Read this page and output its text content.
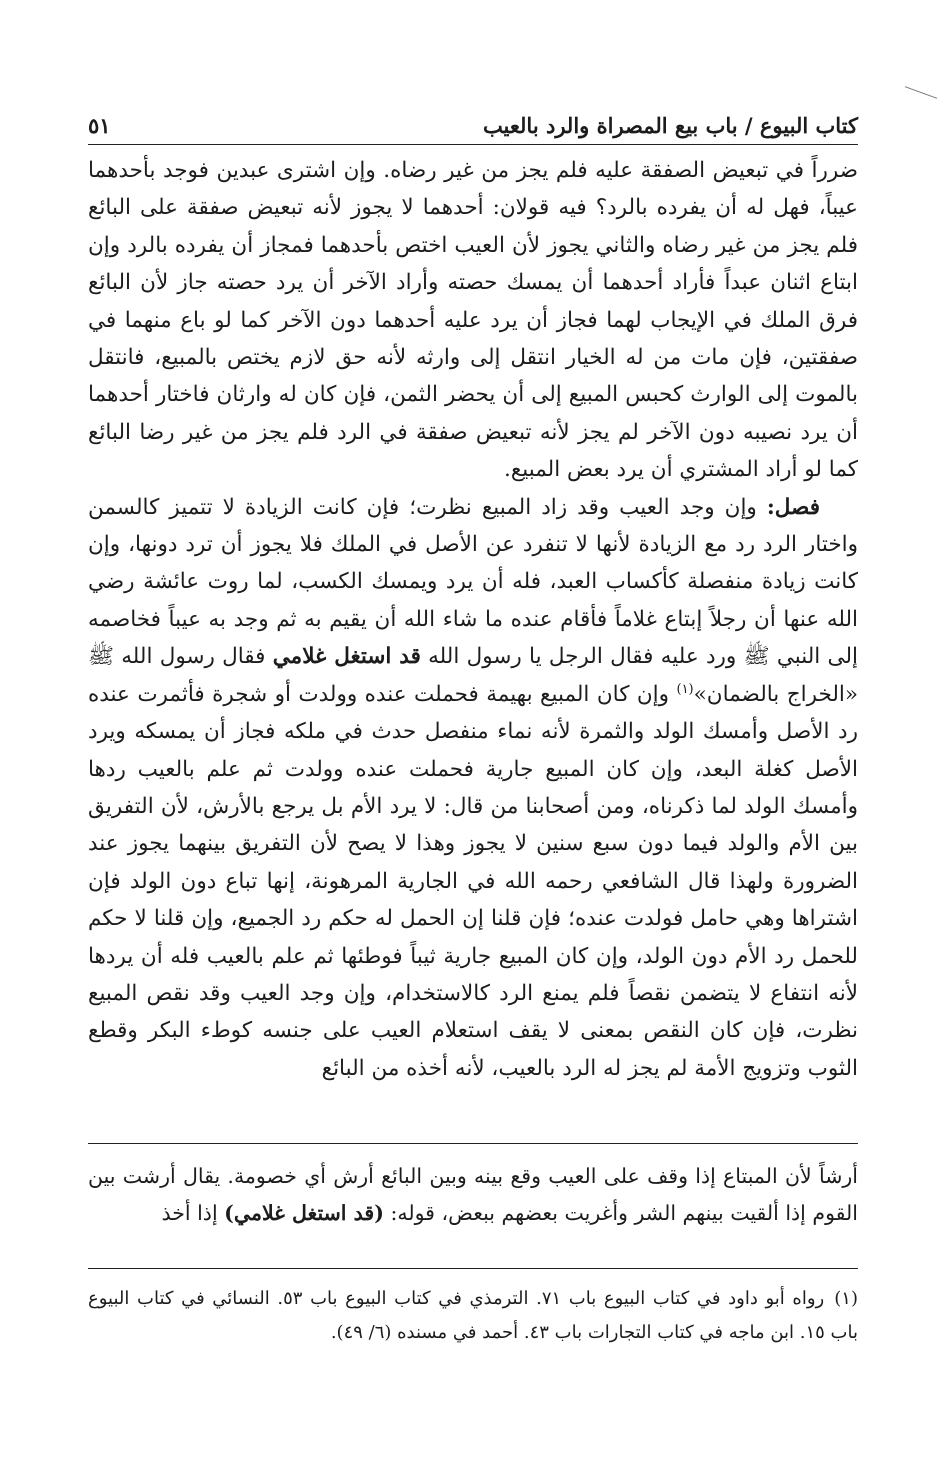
كتاب البيوع / باب بيع المصراة والرد بالعيب
٥١

ضرراً في تبعيض الصفقة عليه فلم يجز من غير رضاه. وإن اشترى عبدين فوجد بأحدهما عيباً، فهل له أن يفرده بالرد؟ فيه قولان: أحدهما لا يجوز لأنه تبعيض صفقة على البائع فلم يجز من غير رضاه والثاني يجوز لأن العيب اختص بأحدهما فمجاز أن يفرده بالرد وإن ابتاع اثنان عبداً فأراد أحدهما أن يمسك حصته وأراد الآخر أن يرد حصته جاز لأن البائع فرق الملك في الإيجاب لهما فجاز أن يرد عليه أحدهما دون الآخر كما لو باع منهما في صفقتين، فإن مات من له الخيار انتقل إلى وارثه لأنه حق لازم يختص بالمبيع، فانتقل بالموت إلى الوارث كحبس المبيع إلى أن يحضر الثمن، فإن كان له وارثان فاختار أحدهما أن يرد نصيبه دون الآخر لم يجز لأنه تبعيض صفقة في الرد فلم يجز من غير رضا البائع كما لو أراد المشتري أن يرد بعض المبيع.

فصل: وإن وجد العيب وقد زاد المبيع نظرت؛ فإن كانت الزيادة لا تتميز كالسمن واختار الرد رد مع الزيادة لأنها لا تنفرد عن الأصل في الملك فلا يجوز أن ترد دونها، وإن كانت زيادة منفصلة كأكساب العبد، فله أن يرد ويمسك الكسب، لما روت عائشة رضي الله عنها أن رجلاً إبتاع غلاماً فأقام عنده ما شاء الله أن يقيم به ثم وجد به عيباً فخاصمه إلى النبي ﷺ ورد عليه فقال الرجل يا رسول الله قد استغل غلامي فقال رسول الله ﷺ «الخراج بالضمان»$^{(١)}$ وإن كان المبيع بهيمة فحملت عنده وولدت أو شجرة فأثمرت عنده رد الأصل وأمسك الولد والثمرة لأنه نماء منفصل حدث في ملكه فجاز أن يمسكه ويرد الأصل كغلة البعد، وإن كان المبيع جارية فحملت عنده وولدت ثم علم بالعيب ردها وأمسك الولد لما ذكرناه، ومن أصحابنا من قال: لا يرد الأم بل يرجع بالأرش، لأن التفريق بين الأم والولد فيما دون سبع سنين لا يجوز وهذا لا يصح لأن التفريق بينهما يجوز عند الضرورة ولهذا قال الشافعي رحمه الله في الجارية المرهونة، إنها تباع دون الولد فإن اشتراها وهي حامل فولدت عنده؛ فإن قلنا إن الحمل له حكم رد الجميع، وإن قلنا لا حكم للحمل رد الأم دون الولد، وإن كان المبيع جارية ثيباً فوطئها ثم علم بالعيب فله أن يردها لأنه انتفاع لا يتضمن نقصاً فلم يمنع الرد كالاستخدام، وإن وجد العيب وقد نقص المبيع نظرت، فإن كان النقص بمعنى لا يقف استعلام العيب على جنسه كوطء البكر وقطع الثوب وتزويج الأمة لم يجز له الرد بالعيب، لأنه أخذه من البائع

أرشاً لأن المبتاع إذا وقف على العيب وقع بينه وبين البائع أرش أي خصومة. يقال أرشت بين القوم إذا ألقيت بينهم الشر وأغريت بعضهم ببعض، قوله: (قد استغل غلامي) إذا أخذ

(١)رواه أبو داود في كتاب البيوع باب ٧١. الترمذي في كتاب البيوع باب ٥٣. النسائي في كتاب البيوع باب ١٥. ابن ماجه في كتاب التجارات باب ٤٣. أحمد في مسنده (٦/ ٤٩).
